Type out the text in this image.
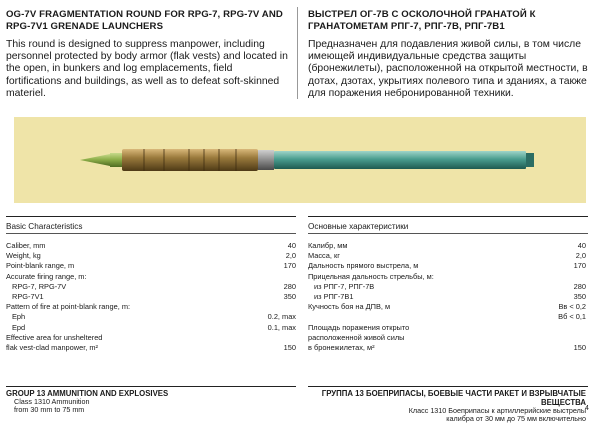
OG-7V FRAGMENTATION ROUND FOR RPG-7, RPG-7V AND RPG-7V1 GRENADE LAUNCHERS
This round is designed to suppress manpower, including personnel protected by body armor (flak vests) and located in the open, in bunkers and log emplacements, field fortifications and buildings, as well as to defeat soft-skinned materiel.
ВЫСТРЕЛ ОГ-7В С ОСКОЛОЧНОЙ ГРАНАТОЙ К ГРАНАТОМЕТАМ РПГ-7, РПГ-7В, РПГ-7В1
Предназначен для подавления живой силы, в том числе имеющей индивидуальные средства защиты (бронежилеты), расположенной на открытой местности, в дотах, дзотах, укрытиях полевого типа и зданиях, а также для поражения небронированной техники.
Basic Characteristics	Основные характеристики
Caliber, mm	40
Weight, kg	2,0
Point-blank range, m	170
Accurate firing range, m:
RPG-7, RPG-7V	280
RPG-7V1	350
Pattern of fire at point-blank range, m:
Eph	0.2, max
Epd	0.1, max
Effective area for unsheltered
flak vest-clad manpower, m²	150
Калибр, мм	40
Масса, кг	2,0
Дальность прямого выстрела, м	170
Прицельная дальность стрельбы, м:
из РПГ-7, РПГ-7В	280
из РПГ-7В1	350
Кучность боя на ДПВ, м	Вв < 0,2
Вб < 0,1
Площадь поражения открыто
расположенной живой силы
в бронежилетах, м²	150
GROUP 13 AMMUNITION AND EXPLOSIVES
Class 1310 Ammunition
from 30 mm to 75 mm
ГРУППА 13 БОЕПРИПАСЫ, БОЕВЫЕ ЧАСТИ РАКЕТ И ВЗРЫВЧАТЫЕ ВЕЩЕСТВА
Класс 1310 Боеприпасы к артиллерийские выстрелы
калибра от 30 мм до 75 мм включительно
4
